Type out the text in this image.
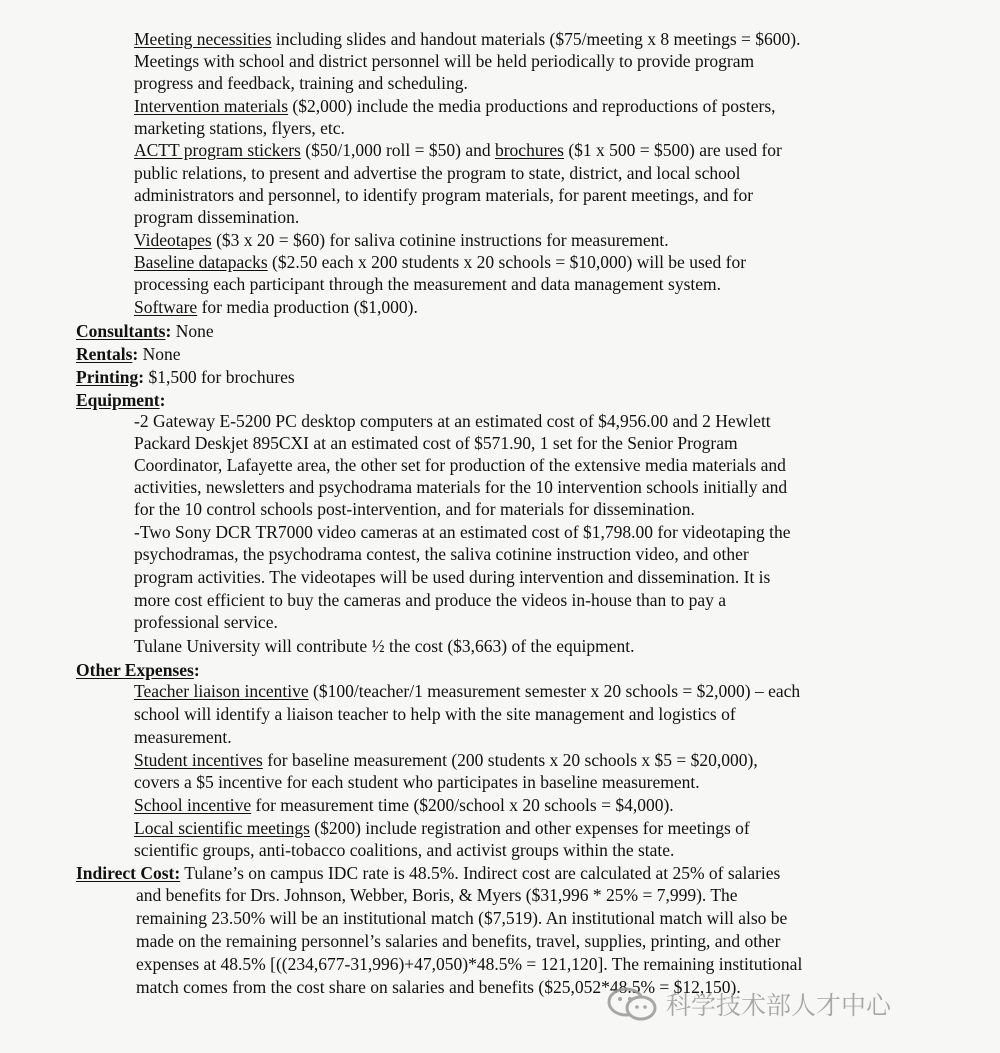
Meeting necessities including slides and handout materials ($75/meeting x 8 meetings = $600).
Meetings with school and district personnel will be held periodically to provide program
progress and feedback, training and scheduling.
Intervention materials ($2,000) include the media productions and reproductions of posters,
marketing stations, flyers, etc.
ACTT program stickers ($50/1,000 roll = $50) and brochures ($1 x 500 = $500) are used for
public relations, to present and advertise the program to state, district, and local school
administrators and personnel, to identify program materials, for parent meetings, and for
program dissemination.
Videotapes ($3 x 20 = $60) for saliva cotinine instructions for measurement.
Baseline datapacks ($2.50 each x 200 students x 20 schools = $10,000) will be used for
processing each participant through the measurement and data management system.
Software for media production ($1,000).
Consultants: None
Rentals: None
Printing: $1,500 for brochures
Equipment:
-2 Gateway E-5200 PC desktop computers at an estimated cost of $4,956.00 and 2 Hewlett
Packard Deskjet 895CXI at an estimated cost of $571.90, 1 set for the Senior Program
Coordinator, Lafayette area, the other set for production of the extensive media materials and
activities, newsletters and psychodrama materials for the 10 intervention schools initially and
for the 10 control schools post-intervention, and for materials for dissemination.
-Two Sony DCR TR7000 video cameras at an estimated cost of $1,798.00 for videotaping the
psychodramas, the psychodrama contest, the saliva cotinine instruction video, and other
program activities. The videotapes will be used during intervention and dissemination. It is
more cost efficient to buy the cameras and produce the videos in-house than to pay a
professional service.
Tulane University will contribute ½ the cost ($3,663) of the equipment.
Other Expenses:
Teacher liaison incentive ($100/teacher/1 measurement semester x 20 schools = $2,000) – each
school will identify a liaison teacher to help with the site management and logistics of
measurement.
Student incentives for baseline measurement (200 students x 20 schools x $5 = $20,000),
covers a $5 incentive for each student who participates in baseline measurement.
School incentive for measurement time ($200/school x 20 schools = $4,000).
Local scientific meetings ($200) include registration and other expenses for meetings of
scientific groups, anti-tobacco coalitions, and activist groups within the state.
Indirect Cost: Tulane’s on campus IDC rate is 48.5%. Indirect cost are calculated at 25% of salaries
and benefits for Drs. Johnson, Webber, Boris, & Myers ($31,996 * 25% = 7,999). The
remaining 23.50% will be an institutional match ($7,519). An institutional match will also be
made on the remaining personnel’s salaries and benefits, travel, supplies, printing, and other
expenses at 48.5% [((234,677-31,996)+47,050)*48.5% = 121,120]. The remaining institutional
match comes from the cost share on salaries and benefits ($25,052*48.5% = $12,150).
科学技术部人才中心
